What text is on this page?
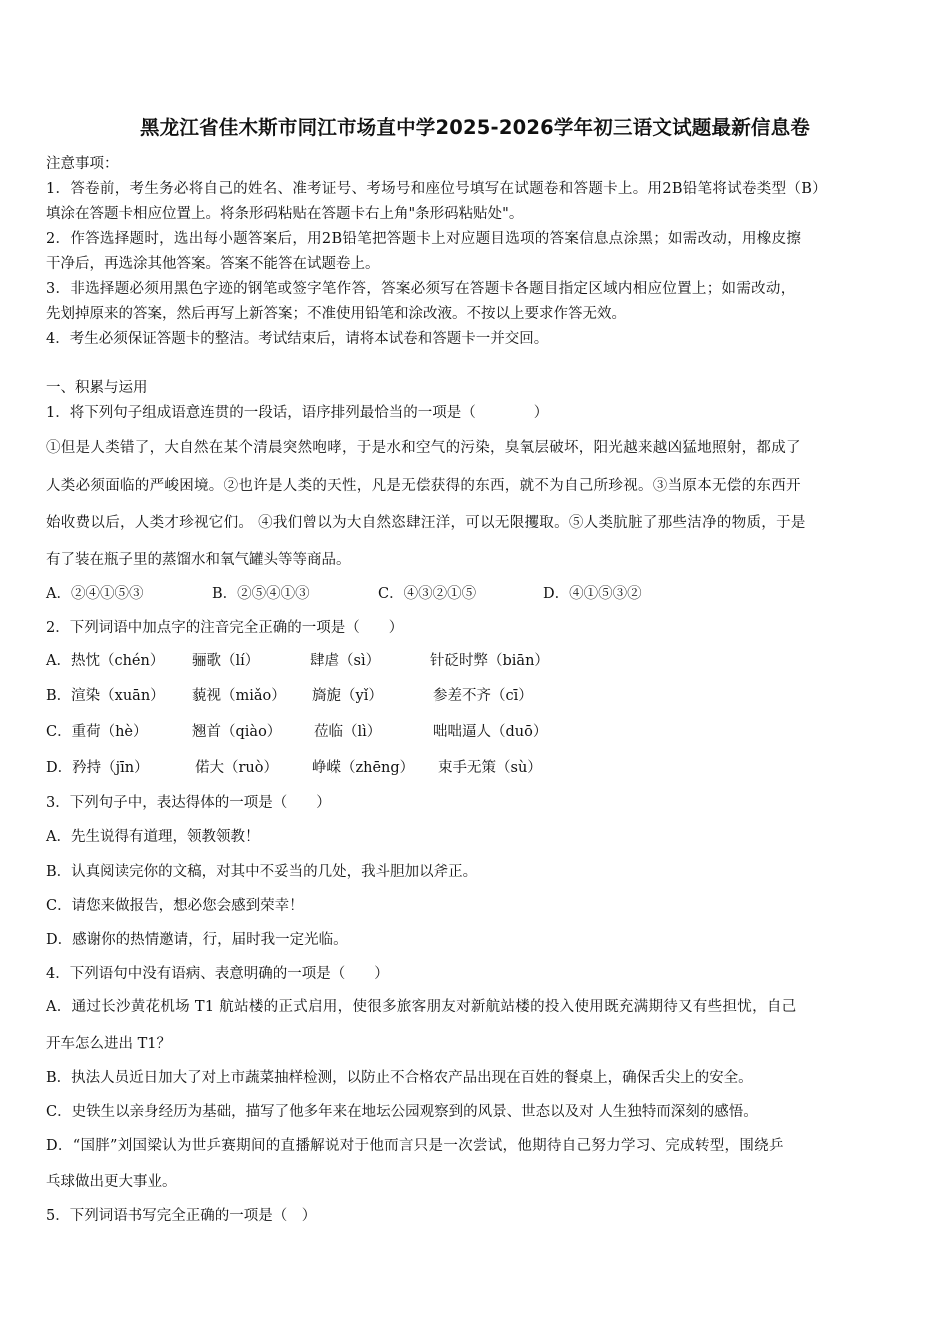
黑龙江省佳木斯市同江市场直中学2025-2026学年初三语文试题最新信息卷
注意事项：
1．答卷前，考生务必将自己的姓名、准考证号、考场号和座位号填写在试题卷和答题卡上。用2B铅笔将试卷类型（B）
填涂在答题卡相应位置上。将条形码粘贴在答题卡右上角"条形码粘贴处"。
2．作答选择题时，选出每小题答案后，用2B铅笔把答题卡上对应题目选项的答案信息点涂黑；如需改动，用橡皮擦
干净后，再选涂其他答案。答案不能答在试题卷上。
3．非选择题必须用黑色字迹的钢笔或签字笔作答，答案必须写在答题卡各题目指定区域内相应位置上；如需改动，
先划掉原来的答案，然后再写上新答案；不准使用铅笔和涂改液。不按以上要求作答无效。
4．考生必须保证答题卡的整洁。考试结束后，请将本试卷和答题卡一并交回。
一、积累与运用
1．将下列句子组成语意连贯的一段话，语序排列最恰当的一项是（　　　　）
①但是人类错了，大自然在某个清晨突然咆哮，于是水和空气的污染，臭氧层破坏，阳光越来越凶猛地照射，都成了
人类必须面临的严峻困境。②也许是人类的天性，凡是无偿获得的东西，就不为自己所珍视。③当原本无偿的东西开
始收费以后，人类才珍视它们。 ④我们曾以为大自然恣肆汪洋，可以无限攫取。⑤人类肮脏了那些洁净的物质，于是
有了装在瓶子里的蒸馏水和氧气罐头等等商品。
A．②④①⑤③	B．②⑤④①③	C．④③②①⑤	D．④①⑤③②
2．下列词语中加点字的注音完全正确的一项是（　　）
A．热忱（chén） 骊歌（lí）	肆虐（sì）	针砭时弊（biān）
B．渲染（xuān） 藐视（miǎo） 旖旎（yǐ）	参差不齐（cī）
C．重荷（hè）	翘首（qiào） 莅临（lì）	咄咄逼人（duō）
D．矜持（jīn）	偌大（ruò） 峥嵘（zhēng） 束手无策（sù）
3．下列句子中，表达得体的一项是（　　）
A．先生说得有道理，领教领教！
B．认真阅读完你的文稿，对其中不妥当的几处，我斗胆加以斧正。
C．请您来做报告，想必您会感到荣幸！
D．感谢你的热情邀请，行，届时我一定光临。
4．下列语句中没有语病、表意明确的一项是（　　）
A．通过长沙黄花机场 T1 航站楼的正式启用，使很多旅客朋友对新航站楼的投入使用既充满期待又有些担忧，自己
开车怎么进出 T1？
B．执法人员近日加大了对上市蔬菜抽样检测，以防止不合格农产品出现在百姓的餐桌上，确保舌尖上的安全。
C．史铁生以亲身经历为基础，描写了他多年来在地坛公园观察到的风景、世态以及对 人生独特而深刻的感悟。
D．“国胖”刘国梁认为世乒赛期间的直播解说对于他而言只是一次尝试，他期待自己努力学习、完成转型，围绕乒
乓球做出更大事业。
5．下列词语书写完全正确的一项是（　）
